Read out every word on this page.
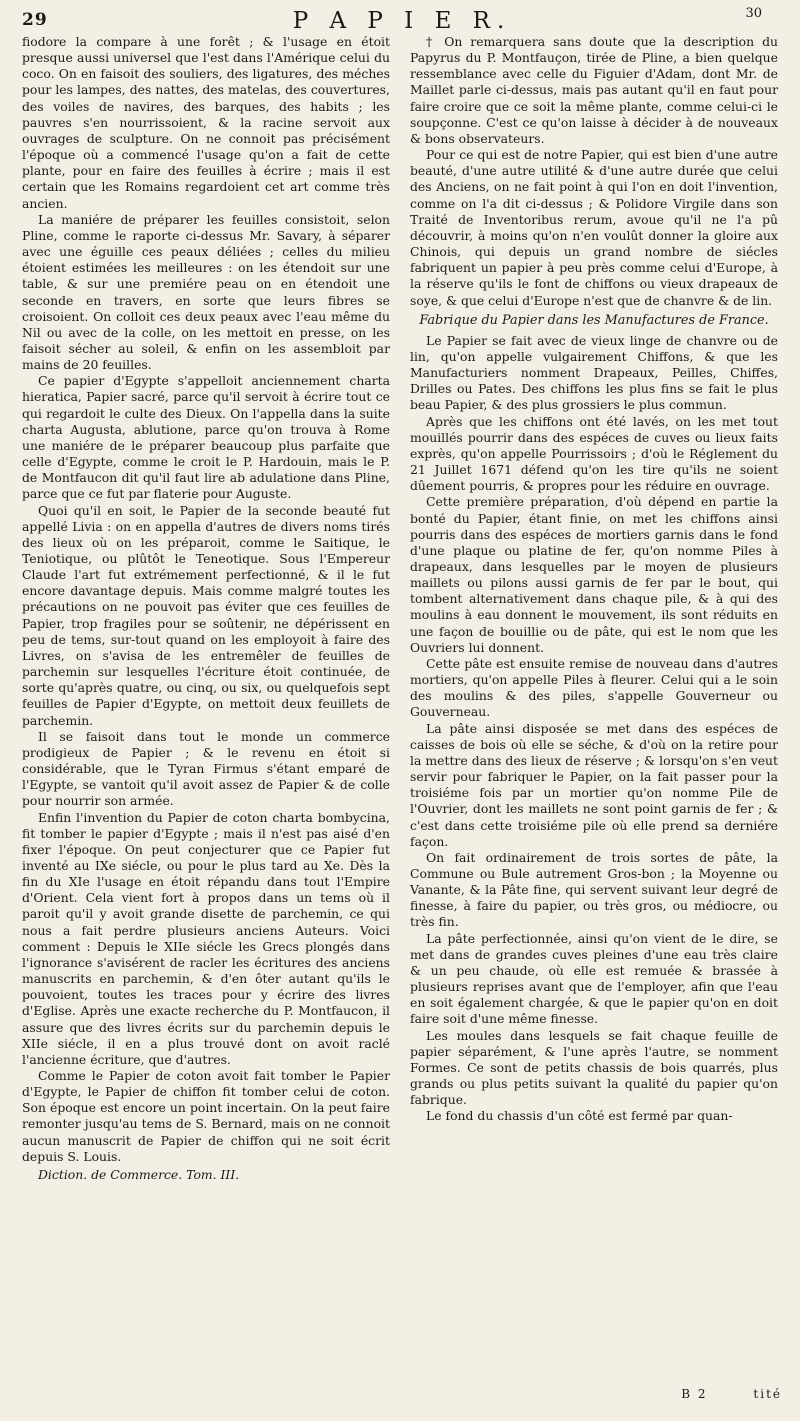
29	P A P I E R.	30

fiodore la compare à une forêt ; & l'usage en étoit presque aussi universel que l'est dans l'Amérique celui du coco. On en faisoit des souliers, des ligatures, des méches pour les lampes, des nattes, des matelas, des couvertures, des voiles de navires, des barques, des habits ; les pauvres s'en nourrissoient, & la racine servoit aux ouvrages de sculpture. On ne connoit pas précisément l'époque où a commencé l'usage qu'on a fait de cette plante, pour en faire des feuilles à écrire ; mais il est certain que les Romains regardoient cet art comme très ancien.

La maniére de préparer les feuilles consistoit, selon Pline, comme le raporte ci-dessus Mr. Savary, à séparer avec une éguille ces peaux déliées ; celles du milieu étoient estimées les meilleures : on les étendoit sur une table, & sur une premiére peau on en étendoit une seconde en travers, en sorte que leurs fibres se croisoient. On colloit ces deux peaux avec l'eau même du Nil ou avec de la colle, on les mettoit en presse, on les faisoit sécher au soleil, & enfin on les assembloit par mains de 20 feuilles.

Ce papier d'Egypte s'appelloit anciennement charta hieratica, Papier sacré, parce qu'il servoit à écrire tout ce qui regardoit le culte des Dieux. On l'appella dans la suite charta Augusta, ablutione, parce qu'on trouva à Rome une maniére de le préparer beaucoup plus parfaite que celle d'Egypte, comme le croit le P. Hardouin, mais le P. de Montfaucon dit qu'il faut lire ab adulatione dans Pline, parce que ce fut par flaterie pour Auguste.

Quoi qu'il en soit, le Papier de la seconde beauté fut appellé Livia : on en appella d'autres de divers noms tirés des lieux où on les préparoit, comme le Saitique, le Teniotique, ou plûtôt le Teneotique. Sous l'Empereur Claude l'art fut extrémement perfectionné, & il le fut encore davantage depuis. Mais comme malgré toutes les précautions on ne pouvoit pas éviter que ces feuilles de Papier, trop fragiles pour se soûtenir, ne dépérissent en peu de tems, sur-tout quand on les employoit à faire des Livres, on s'avisa de les entremêler de feuilles de parchemin sur lesquelles l'écriture étoit continuée, de sorte qu'après quatre, ou cinq, ou six, ou quelquefois sept feuilles de Papier d'Egypte, on mettoit deux feuillets de parchemin.

Il se faisoit dans tout le monde un commerce prodigieux de Papier ; & le revenu en étoit si considérable, que le Tyran Firmus s'étant emparé de l'Egypte, se vantoit qu'il avoit assez de Papier & de colle pour nourrir son armée.

Enfin l'invention du Papier de coton charta bombycina, fit tomber le papier d'Egypte ; mais il n'est pas aisé d'en fixer l'époque. On peut conjecturer que ce Papier fut inventé au IXe siécle, ou pour le plus tard au Xe. Dès la fin du XIe l'usage en étoit répandu dans tout l'Empire d'Orient. Cela vient fort à propos dans un tems où il paroit qu'il y avoit grande disette de parchemin, ce qui nous a fait perdre plusieurs anciens Auteurs. Voici comment : Depuis le XIIe siécle les Grecs plongés dans l'ignorance s'avisérent de racler les écritures des anciens manuscrits en parchemin, & d'en ôter autant qu'ils le pouvoient, toutes les traces pour y écrire des livres d'Eglise. Après une exacte recherche du P. Montfaucon, il assure que des livres écrits sur du parchemin depuis le XIIe siécle, il en a plus trouvé dont on avoit raclé l'ancienne écriture, que d'autres.

Comme le Papier de coton avoit fait tomber le Papier d'Egypte, le Papier de chiffon fit tomber celui de coton. Son époque est encore un point incertain. On la peut faire remonter jusqu'au tems de S. Bernard, mais on ne connoit aucun manuscrit de Papier de chiffon qui ne soit écrit depuis S. Louis.

Diction. de Commerce. Tom. III.

† On remarquera sans doute que la description du Papyrus du P. Montfauçon, tirée de Pline, a bien quelque ressemblance avec celle du Figuier d'Adam, dont Mr. de Maillet parle ci-dessus, mais pas autant qu'il en faut pour faire croire que ce soit la même plante, comme celui-ci le soupçonne. C'est ce qu'on laisse à décider à de nouveaux & bons observateurs.

Pour ce qui est de notre Papier, qui est bien d'une autre beauté, d'une autre utilité & d'une autre durée que celui des Anciens, on ne fait point à qui l'on en doit l'invention, comme on l'a dit ci-dessus ; & Polidore Virgile dans son Traité de Inventoribus rerum, avoue qu'il ne l'a pû découvrir, à moins qu'on n'en voulût donner la gloire aux Chinois, qui depuis un grand nombre de siécles fabriquent un papier à peu près comme celui d'Europe, à la réserve qu'ils le font de chiffons ou vieux drapeaux de soye, & que celui d'Europe n'est que de chanvre & de lin.

Fabrique du Papier dans les Manufactures de France.

Le Papier se fait avec de vieux linge de chanvre ou de lin, qu'on appelle vulgairement Chiffons, & que les Manufacturiers nomment Drapeaux, Peilles, Chiffes, Drilles ou Pates. Des chiffons les plus fins se fait le plus beau Papier, & des plus grossiers le plus commun.

Après que les chiffons ont été lavés, on les met tout mouillés pourrir dans des espéces de cuves ou lieux faits exprès, qu'on appelle Pourrissoirs ; d'où le Réglement du 21 Juillet 1671 défend qu'on les tire qu'ils ne soient dûement pourris, & propres pour les réduire en ouvrage.

Cette première préparation, d'où dépend en partie la bonté du Papier, étant finie, on met les chiffons ainsi pourris dans des espéces de mortiers garnis dans le fond d'une plaque ou platine de fer, qu'on nomme Piles à drapeaux, dans lesquelles par le moyen de plusieurs maillets ou pilons aussi garnis de fer par le bout, qui tombent alternativement dans chaque pile, & à qui des moulins à eau donnent le mouvement, ils sont réduits en une façon de bouillie ou de pâte, qui est le nom que les Ouvriers lui donnent.

Cette pâte est ensuite remise de nouveau dans d'autres mortiers, qu'on appelle Piles à fleurer. Celui qui a le soin des moulins & des piles, s'appelle Gouverneur ou Gouverneau.

La pâte ainsi disposée se met dans des espéces de caisses de bois où elle se séche, & d'où on la retire pour la mettre dans des lieux de réserve ; & lorsqu'on s'en veut servir pour fabriquer le Papier, on la fait passer pour la troisiéme fois par un mortier qu'on nomme Pile de l'Ouvrier, dont les maillets ne sont point garnis de fer ; & c'est dans cette troisiéme pile où elle prend sa derniére façon.

On fait ordinairement de trois sortes de pâte, la Commune ou Bule autrement Gros-bon ; la Moyenne ou Vanante, & la Pâte fine, qui servent suivant leur degré de finesse, à faire du papier, ou très gros, ou médiocre, ou très fin.

La pâte perfectionnée, ainsi qu'on vient de le dire, se met dans de grandes cuves pleines d'une eau très claire & un peu chaude, où elle est remuée & brassée à plusieurs reprises avant que de l'employer, afin que l'eau en soit également chargée, & que le papier qu'on en doit faire soit d'une même finesse.

Les moules dans lesquels se fait chaque feuille de papier séparément, & l'une après l'autre, se nomment Formes. Ce sont de petits chassis de bois quarrés, plus grands ou plus petits suivant la qualité du papier qu'on fabrique.

Le fond du chassis d'un côté est fermé par quan-

B 2	tité
